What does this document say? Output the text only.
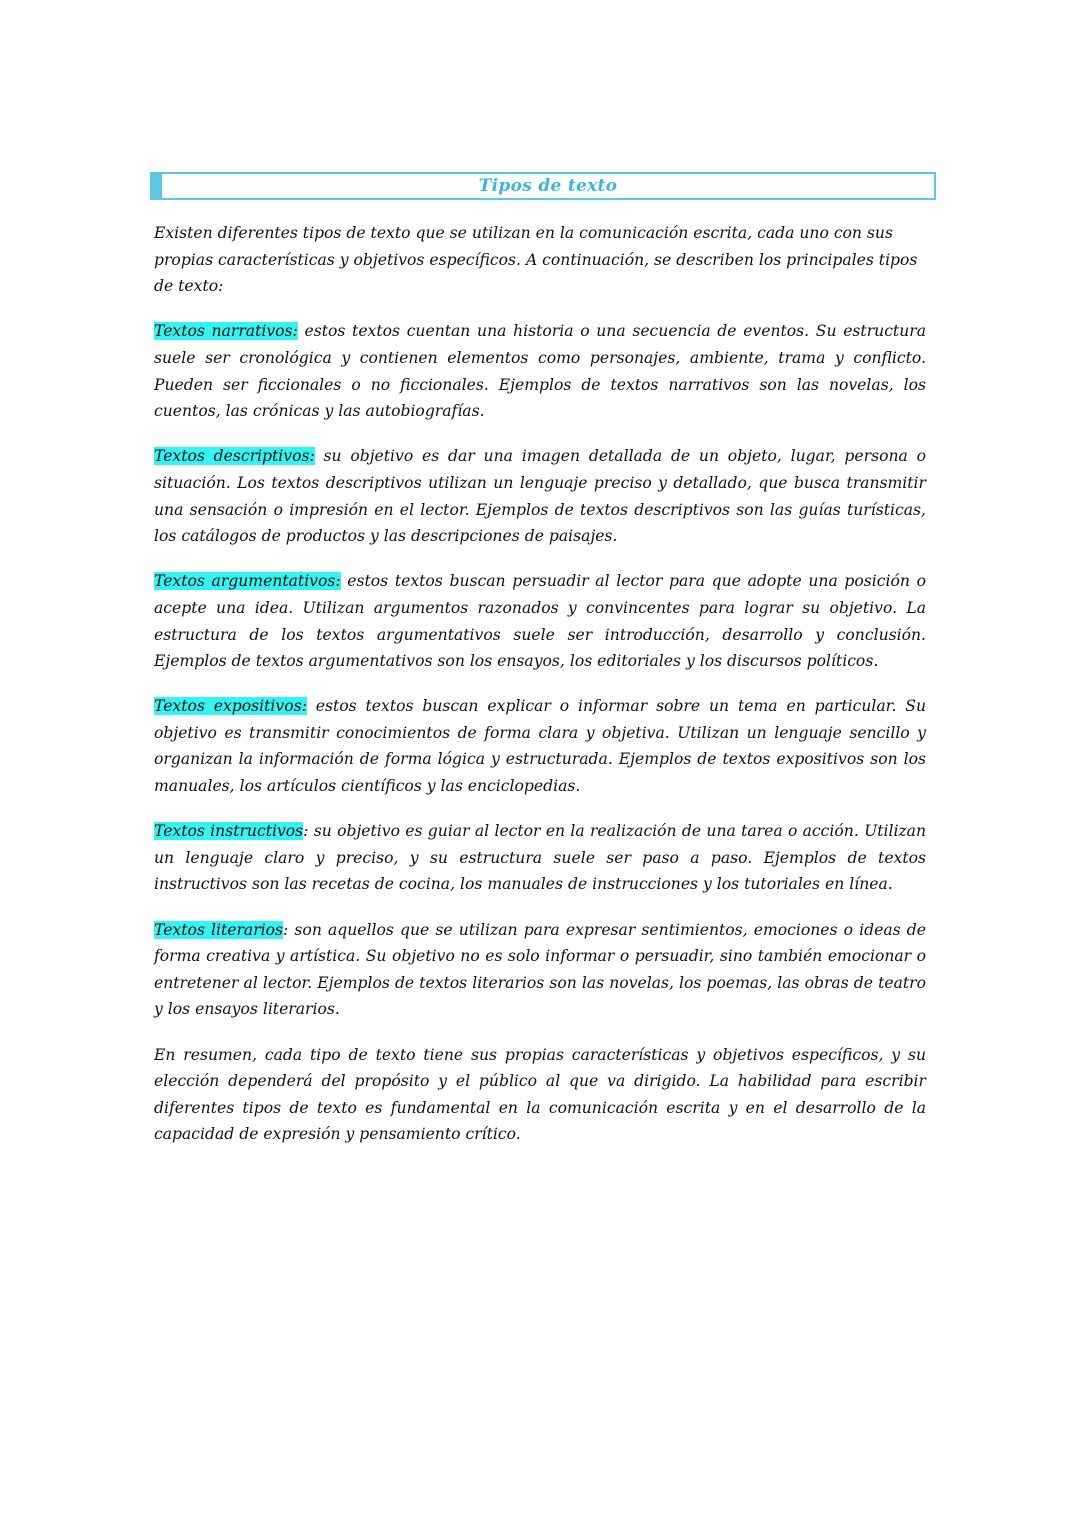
Tipos de texto

Existen diferentes tipos de texto que se utilizan en la comunicación escrita, cada uno con sus propias características y objetivos específicos. A continuación, se describen los principales tipos de texto:

Textos narrativos: estos textos cuentan una historia o una secuencia de eventos. Su estructura suele ser cronológica y contienen elementos como personajes, ambiente, trama y conflicto. Pueden ser ficcionales o no ficcionales. Ejemplos de textos narrativos son las novelas, los cuentos, las crónicas y las autobiografías.

Textos descriptivos: su objetivo es dar una imagen detallada de un objeto, lugar, persona o situación. Los textos descriptivos utilizan un lenguaje preciso y detallado, que busca transmitir una sensación o impresión en el lector. Ejemplos de textos descriptivos son las guías turísticas, los catálogos de productos y las descripciones de paisajes.

Textos argumentativos: estos textos buscan persuadir al lector para que adopte una posición o acepte una idea. Utilizan argumentos razonados y convincentes para lograr su objetivo. La estructura de los textos argumentativos suele ser introducción, desarrollo y conclusión. Ejemplos de textos argumentativos son los ensayos, los editoriales y los discursos políticos.

Textos expositivos: estos textos buscan explicar o informar sobre un tema en particular. Su objetivo es transmitir conocimientos de forma clara y objetiva. Utilizan un lenguaje sencillo y organizan la información de forma lógica y estructurada. Ejemplos de textos expositivos son los manuales, los artículos científicos y las enciclopedias.

Textos instructivos: su objetivo es guiar al lector en la realización de una tarea o acción. Utilizan un lenguaje claro y preciso, y su estructura suele ser paso a paso. Ejemplos de textos instructivos son las recetas de cocina, los manuales de instrucciones y los tutoriales en línea.

Textos literarios: son aquellos que se utilizan para expresar sentimientos, emociones o ideas de forma creativa y artística. Su objetivo no es solo informar o persuadir, sino también emocionar o entretener al lector. Ejemplos de textos literarios son las novelas, los poemas, las obras de teatro y los ensayos literarios.

En resumen, cada tipo de texto tiene sus propias características y objetivos específicos, y su elección dependerá del propósito y el público al que va dirigido. La habilidad para escribir diferentes tipos de texto es fundamental en la comunicación escrita y en el desarrollo de la capacidad de expresión y pensamiento crítico.
